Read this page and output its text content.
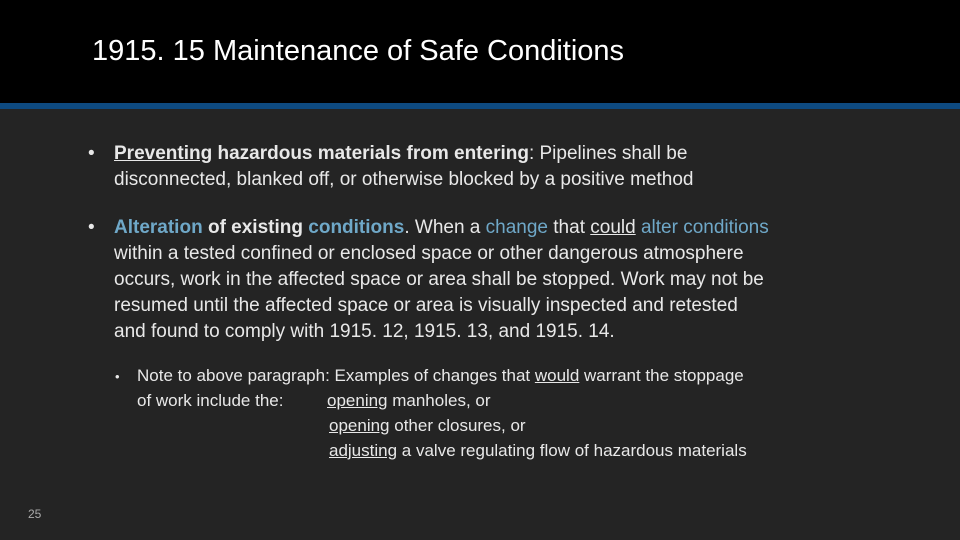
1915. 15 Maintenance of Safe Conditions
• Preventing hazardous materials from entering: Pipelines shall be
disconnected, blanked off, or otherwise blocked by a positive method
• Alteration of existing conditions. When a change that could alter conditions
within a tested confined or enclosed space or other dangerous atmosphere
occurs, work in the affected space or area shall be stopped. Work may not be
resumed until the affected space or area is visually inspected and retested
and found to comply with 1915. 12, 1915. 13, and 1915. 14.
• Note to above paragraph: Examples of changes that would warrant the stoppage
of work include the:	opening manholes, or
opening other closures, or
adjusting a valve regulating flow of hazardous materials
25
